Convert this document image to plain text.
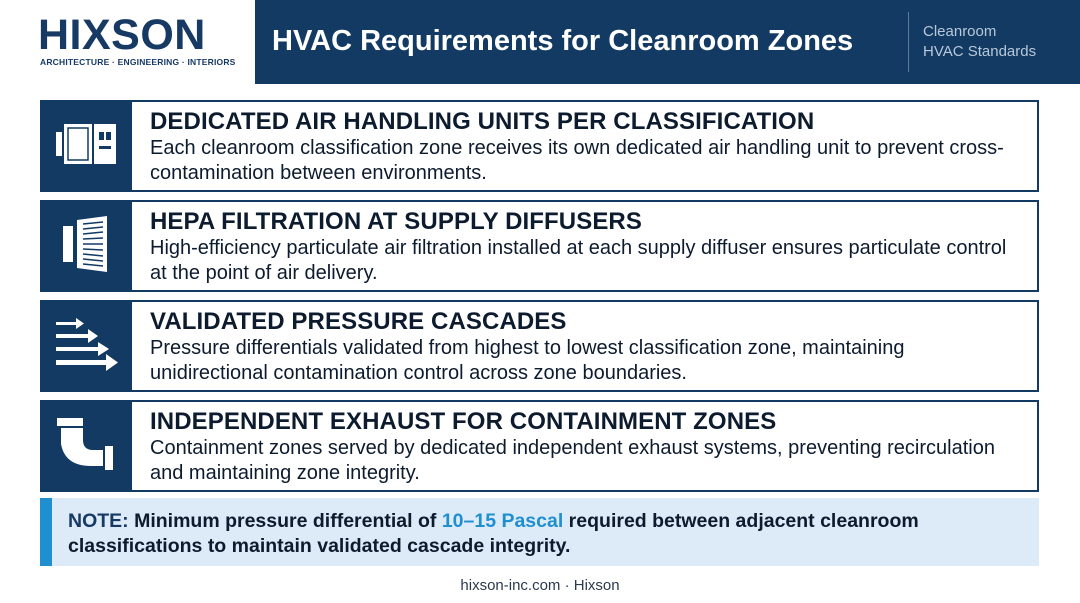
HIXSON
ARCHITECTURE · ENGINEERING · INTERIORS
HVAC Requirements for Cleanroom Zones	Cleanroom
HVAC Standards
DEDICATED AIR HANDLING UNITS PER CLASSIFICATION
Each cleanroom classification zone receives its own dedicated air handling unit to prevent cross-contamination between environments.
HEPA FILTRATION AT SUPPLY DIFFUSERS
High-efficiency particulate air filtration installed at each supply diffuser ensures particulate control at the point of air delivery.
VALIDATED PRESSURE CASCADES
Pressure differentials validated from highest to lowest classification zone, maintaining unidirectional contamination control across zone boundaries.
INDEPENDENT EXHAUST FOR CONTAINMENT ZONES
Containment zones served by dedicated independent exhaust systems, preventing recirculation and maintaining zone integrity.
NOTE: Minimum pressure differential of 10–15 Pascal required between adjacent cleanroom classifications to maintain validated cascade integrity.
hixson-inc.com · Hixson
